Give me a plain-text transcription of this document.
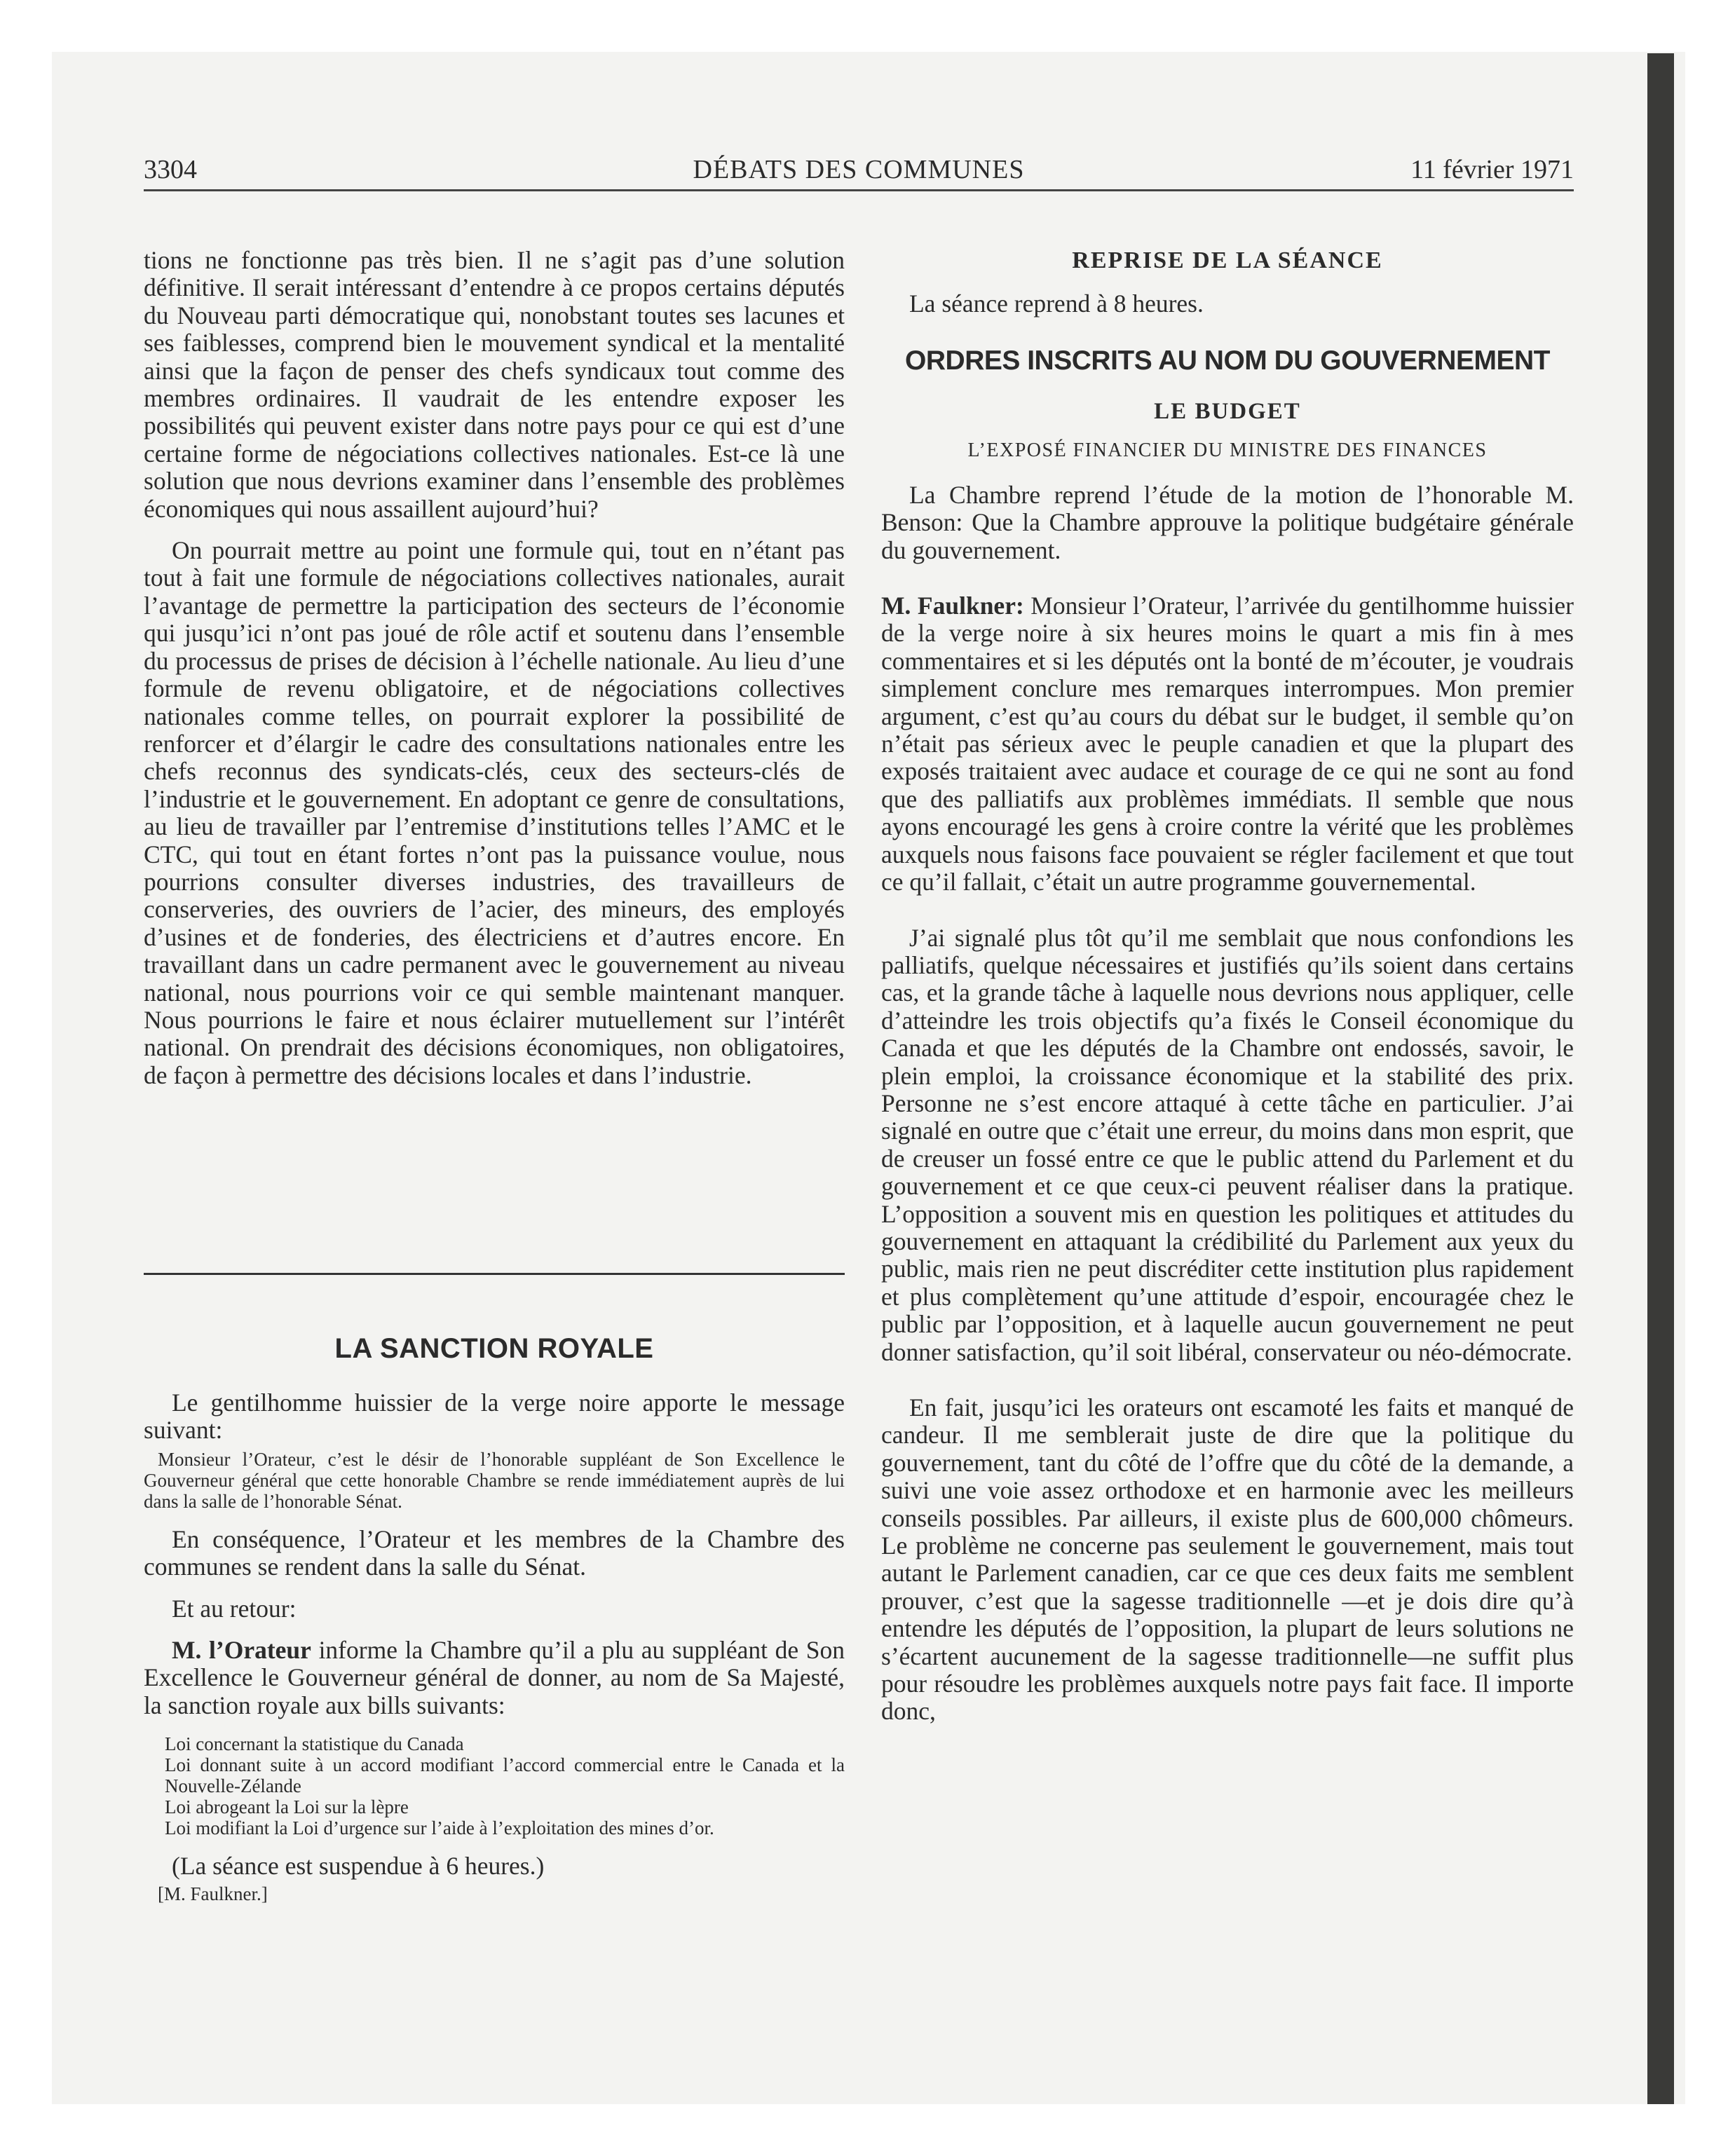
3304	DÉBATS DES COMMUNES	11 février 1971

tions ne fonctionne pas très bien. Il ne s’agit pas d’une solution définitive. Il serait intéressant d’entendre à ce propos certains députés du Nouveau parti démocratique qui, nonobstant toutes ses lacunes et ses faiblesses, comprend bien le mouvement syndical et la mentalité ainsi que la façon de penser des chefs syndicaux tout comme des membres ordinaires. Il vaudrait de les entendre exposer les possibilités qui peuvent exister dans notre pays pour ce qui est d’une certaine forme de négociations collectives nationales. Est-ce là une solution que nous devrions examiner dans l’ensemble des problèmes économiques qui nous assaillent aujourd’hui?

On pourrait mettre au point une formule qui, tout en n’étant pas tout à fait une formule de négociations collectives nationales, aurait l’avantage de permettre la participation des secteurs de l’économie qui jusqu’ici n’ont pas joué de rôle actif et soutenu dans l’ensemble du processus de prises de décision à l’échelle nationale. Au lieu d’une formule de revenu obligatoire, et de négociations collectives nationales comme telles, on pourrait explorer la possibilité de renforcer et d’élargir le cadre des consultations nationales entre les chefs reconnus des syndicats-clés, ceux des secteurs-clés de l’industrie et le gouvernement. En adoptant ce genre de consultations, au lieu de travailler par l’entremise d’institutions telles l’AMC et le CTC, qui tout en étant fortes n’ont pas la puissance voulue, nous pourrions consulter diverses industries, des travailleurs de conserveries, des ouvriers de l’acier, des mineurs, des employés d’usines et de fonderies, des électriciens et d’autres encore. En travaillant dans un cadre permanent avec le gouvernement au niveau national, nous pourrions voir ce qui semble maintenant manquer. Nous pourrions le faire et nous éclairer mutuellement sur l’intérêt national. On prendrait des décisions économiques, non obligatoires, de façon à permettre des décisions locales et dans l’industrie.

LA SANCTION ROYALE

Le gentilhomme huissier de la verge noire apporte le message suivant:

Monsieur l’Orateur, c’est le désir de l’honorable suppléant de Son Excellence le Gouverneur général que cette honorable Chambre se rende immédiatement auprès de lui dans la salle de l’honorable Sénat.

En conséquence, l’Orateur et les membres de la Chambre des communes se rendent dans la salle du Sénat.

Et au retour:

M. l’Orateur informe la Chambre qu’il a plu au suppléant de Son Excellence le Gouverneur général de donner, au nom de Sa Majesté, la sanction royale aux bills suivants:

Loi concernant la statistique du Canada

Loi donnant suite à un accord modifiant l’accord commercial entre le Canada et la Nouvelle-Zélande

Loi abrogeant la Loi sur la lèpre

Loi modifiant la Loi d’urgence sur l’aide à l’exploitation des mines d’or.

(La séance est suspendue à 6 heures.)

[M. Faulkner.]

REPRISE DE LA SÉANCE

La séance reprend à 8 heures.

ORDRES INSCRITS AU NOM DU GOUVERNEMENT
LE BUDGET
L’EXPOSÉ FINANCIER DU MINISTRE DES FINANCES

La Chambre reprend l’étude de la motion de l’honorable M. Benson: Que la Chambre approuve la politique budgétaire générale du gouvernement.

M. Faulkner: Monsieur l’Orateur, l’arrivée du gentilhomme huissier de la verge noire à six heures moins le quart a mis fin à mes commentaires et si les députés ont la bonté de m’écouter, je voudrais simplement conclure mes remarques interrompues. Mon premier argument, c’est qu’au cours du débat sur le budget, il semble qu’on n’était pas sérieux avec le peuple canadien et que la plupart des exposés traitaient avec audace et courage de ce qui ne sont au fond que des palliatifs aux problèmes immédiats. Il semble que nous ayons encouragé les gens à croire contre la vérité que les problèmes auxquels nous faisons face pouvaient se régler facilement et que tout ce qu’il fallait, c’était un autre programme gouvernemental.

J’ai signalé plus tôt qu’il me semblait que nous confondions les palliatifs, quelque nécessaires et justifiés qu’ils soient dans certains cas, et la grande tâche à laquelle nous devrions nous appliquer, celle d’atteindre les trois objectifs qu’a fixés le Conseil économique du Canada et que les députés de la Chambre ont endossés, savoir, le plein emploi, la croissance économique et la stabilité des prix. Personne ne s’est encore attaqué à cette tâche en particulier. J’ai signalé en outre que c’était une erreur, du moins dans mon esprit, que de creuser un fossé entre ce que le public attend du Parlement et du gouvernement et ce que ceux-ci peuvent réaliser dans la pratique. L’opposition a souvent mis en question les politiques et attitudes du gouvernement en attaquant la crédibilité du Parlement aux yeux du public, mais rien ne peut discréditer cette institution plus rapidement et plus complètement qu’une attitude d’espoir, encouragée chez le public par l’opposition, et à laquelle aucun gouvernement ne peut donner satisfaction, qu’il soit libéral, conservateur ou néo-démocrate.

En fait, jusqu’ici les orateurs ont escamoté les faits et manqué de candeur. Il me semblerait juste de dire que la politique du gouvernement, tant du côté de l’offre que du côté de la demande, a suivi une voie assez orthodoxe et en harmonie avec les meilleurs conseils possibles. Par ailleurs, il existe plus de 600,000 chômeurs. Le problème ne concerne pas seulement le gouvernement, mais tout autant le Parlement canadien, car ce que ces deux faits me semblent prouver, c’est que la sagesse traditionnelle —et je dois dire qu’à entendre les députés de l’opposition, la plupart de leurs solutions ne s’écartent aucunement de la sagesse traditionnelle—ne suffit plus pour résoudre les problèmes auxquels notre pays fait face. Il importe donc,
